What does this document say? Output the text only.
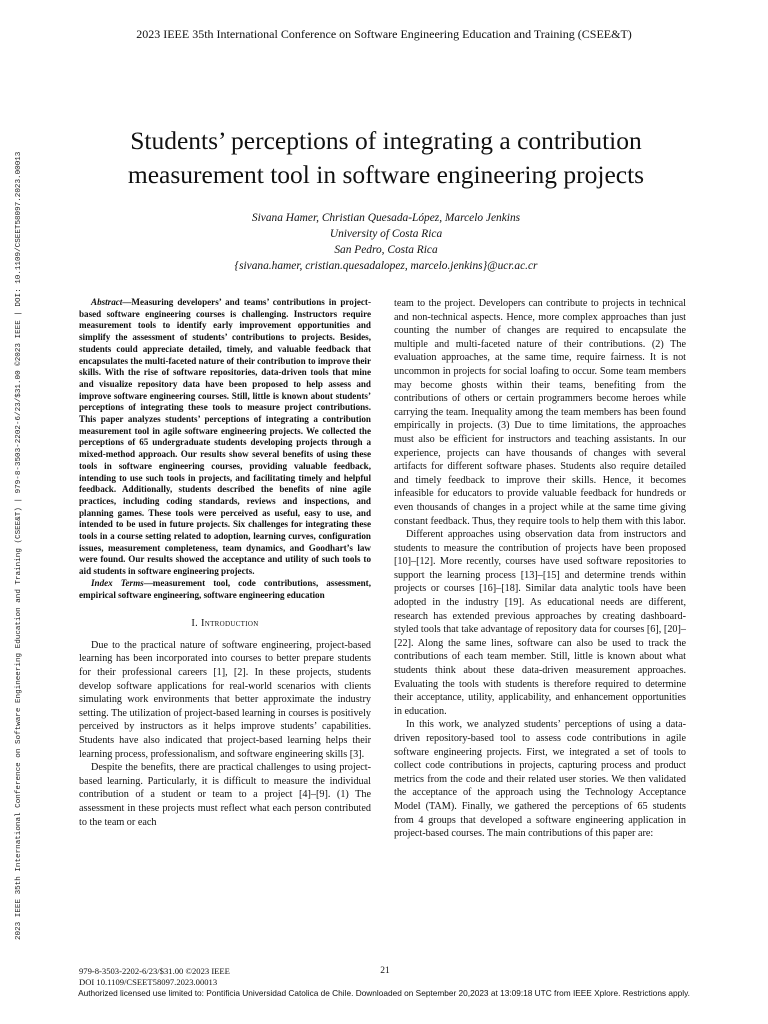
2023 IEEE 35th International Conference on Software Engineering Education and Training (CSEE&T)
2023 IEEE 35th International Conference on Software Engineering Education and Training (CSEE&T) | 979-8-3503-2202-6/23/$31.00 ©2023 IEEE | DOI: 10.1109/CSEET58097.2023.00013
Students’ perceptions of integrating a contribution measurement tool in software engineering projects
Sivana Hamer, Christian Quesada-López, Marcelo Jenkins
University of Costa Rica
San Pedro, Costa Rica
{sivana.hamer, cristian.quesadalopez, marcelo.jenkins}@ucr.ac.cr

Abstract—Measuring developers’ and teams’ contributions in project-based software engineering courses is challenging. Instructors require measurement tools to identify early improvement opportunities and simplify the assessment of students’ contributions to projects. Besides, students could appreciate detailed, timely, and valuable feedback that encapsulates the multi-faceted nature of their contribution to improve their skills. With the rise of software repositories, data-driven tools that mine and visualize repository data have been proposed to help assess and improve software engineering courses. Still, little is known about students’ perceptions of integrating these tools to measure project contributions. This paper analyzes students’ perceptions of integrating a contribution measurement tool in agile software engineering projects. We collected the perceptions of 65 undergraduate students developing projects through a mixed-method approach. Our results show several benefits of using these tools in software engineering courses, providing valuable feedback, intending to use such tools in projects, and facilitating timely and helpful feedback. Additionally, students described the benefits of nine agile practices, including coding standards, reviews and inspections, and planning games. These tools were perceived as useful, easy to use, and intended to be used in future projects. Six challenges for integrating these tools in a course setting related to adoption, learning curves, configuration issues, measurement completeness, team dynamics, and Goodhart’s law were found. Our results showed the acceptance and utility of such tools to aid students in software engineering projects.

Index Terms—measurement tool, code contributions, assessment, empirical software engineering, software engineering education

I. Introduction

Due to the practical nature of software engineering, project-based learning has been incorporated into courses to better prepare students for their professional careers [1], [2]. In these projects, students develop software applications for real-world scenarios with clients simulating work environments that better approximate the industry setting. The utilization of project-based learning in courses is positively perceived by instructors as it helps improve students’ capabilities. Students have also indicated that project-based learning helps their learning process, professionalism, and software engineering skills [3].

Despite the benefits, there are practical challenges to using project-based learning. Particularly, it is difficult to measure the individual contribution of a student or team to a project [4]–[9]. (1) The assessment in these projects must reflect what each person contributed to the team or each

team to the project. Developers can contribute to projects in technical and non-technical aspects. Hence, more complex approaches than just counting the number of changes are required to encapsulate the multiple and multi-faceted nature of their contributions. (2) The evaluation approaches, at the same time, require fairness. It is not uncommon in projects for social loafing to occur. Some team members may become ghosts within their teams, benefiting from the contributions of others or certain programmers become heroes while carrying the team. Inequality among the team members has been found empirically in projects. (3) Due to time limitations, the approaches must also be efficient for instructors and teaching assistants. In our experience, projects can have thousands of changes with several artifacts for different software phases. Students also require detailed and timely feedback to improve their skills. Hence, it becomes infeasible for educators to provide valuable feedback for hundreds or even thousands of changes in a project while at the same time giving constant feedback. Thus, they require tools to help them with this labor.

Different approaches using observation data from instructors and students to measure the contribution of projects have been proposed [10]–[12]. More recently, courses have used software repositories to support the learning process [13]–[15] and determine trends within projects or courses [16]–[18]. Similar data analytic tools have been adopted in the industry [19]. As educational needs are different, research has extended previous approaches by creating dashboard-styled tools that take advantage of repository data for courses [6], [20]–[22]. Along the same lines, software can also be used to track the contributions of each team member. Still, little is known about what students think about these data-driven measurement approaches. Evaluating the tools with students is therefore required to determine their acceptance, utility, applicability, and enhancement opportunities in education.

In this work, we analyzed students’ perceptions of using a data-driven repository-based tool to assess code contributions in agile software engineering projects. First, we integrated a set of tools to collect code contributions in projects, capturing process and product metrics from the code and their related user stories. We then validated the acceptance of the approach using the Technology Acceptance Model (TAM). Finally, we gathered the perceptions of 65 students from 4 groups that developed a software engineering application in project-based courses. The main contributions of this paper are:

979-8-3503-2202-6/23/$31.00 ©2023 IEEE
DOI 10.1109/CSEET58097.2023.00013
21
Authorized licensed use limited to: Pontificia Universidad Catolica de Chile. Downloaded on September 20,2023 at 13:09:18 UTC from IEEE Xplore. Restrictions apply.
